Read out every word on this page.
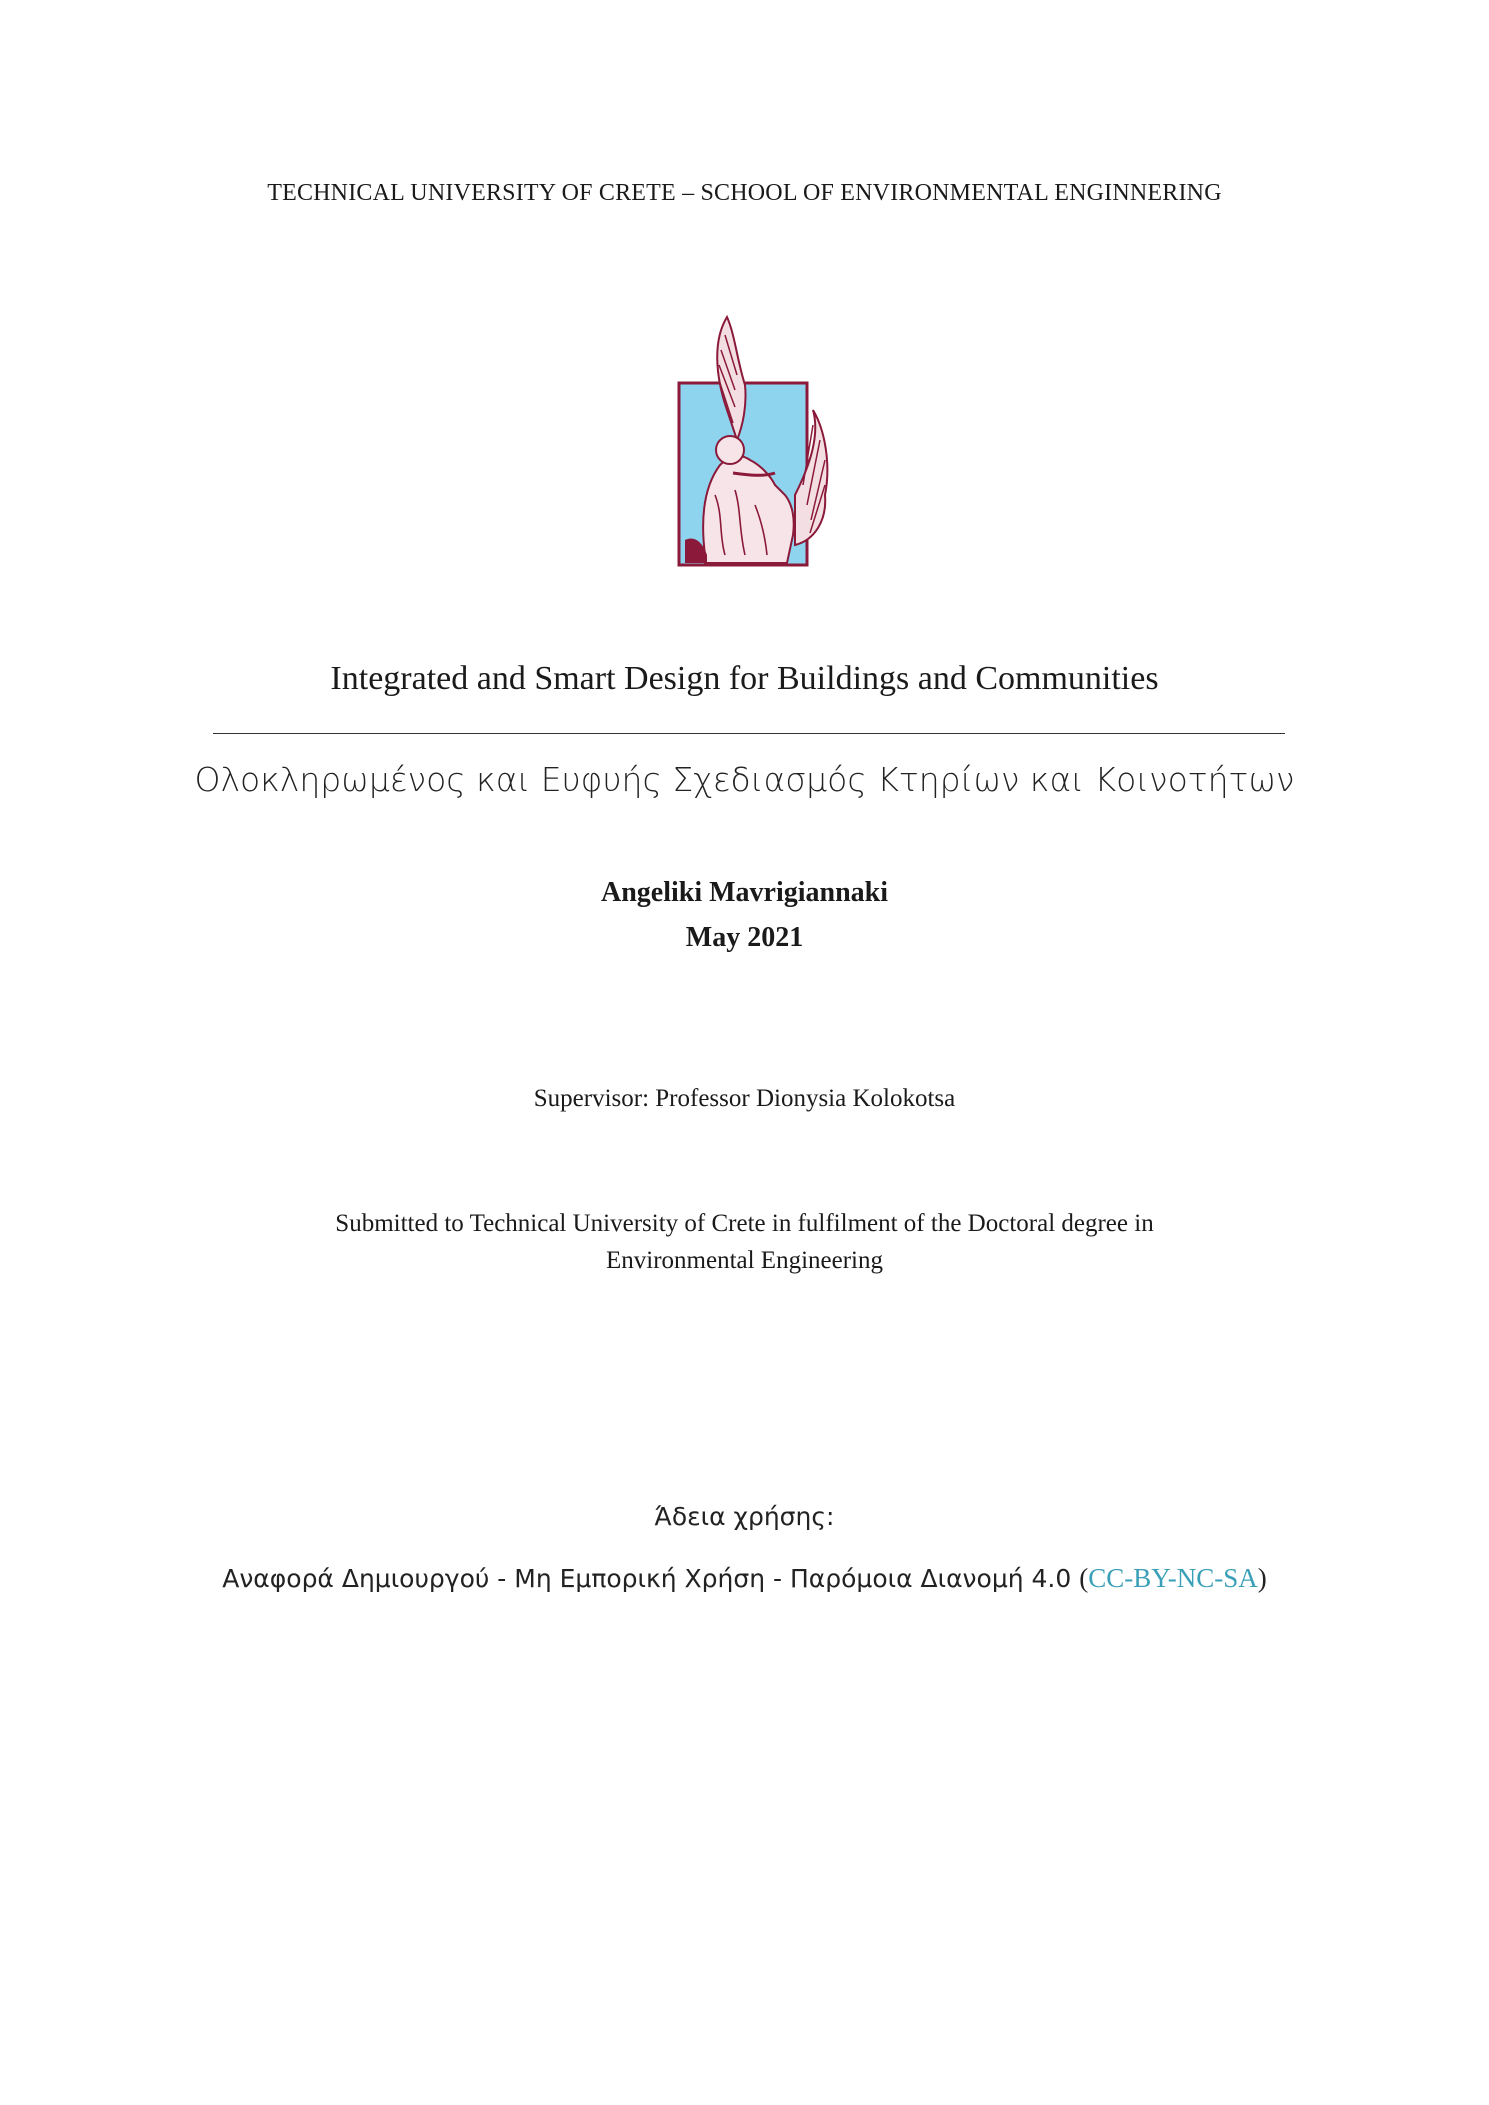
TECHNICAL UNIVERSITY OF CRETE – SCHOOL OF ENVIRONMENTAL ENGINNERING
Integrated and Smart Design for Buildings and Communities
Ολοκληρωμένος και Ευφυής Σχεδιασμός Κτηρίων και Κοινοτήτων
Angeliki Mavrigiannaki
May 2021
Supervisor: Professor Dionysia Kolokotsa
Submitted to Technical University of Crete in fulfilment of the Doctoral degree in
Environmental Engineering
Άδεια χρήσης:
Αναφορά Δημιουργού - Μη Εμπορική Χρήση - Παρόμοια Διανομή 4.0 (CC-BY-NC-SA)
